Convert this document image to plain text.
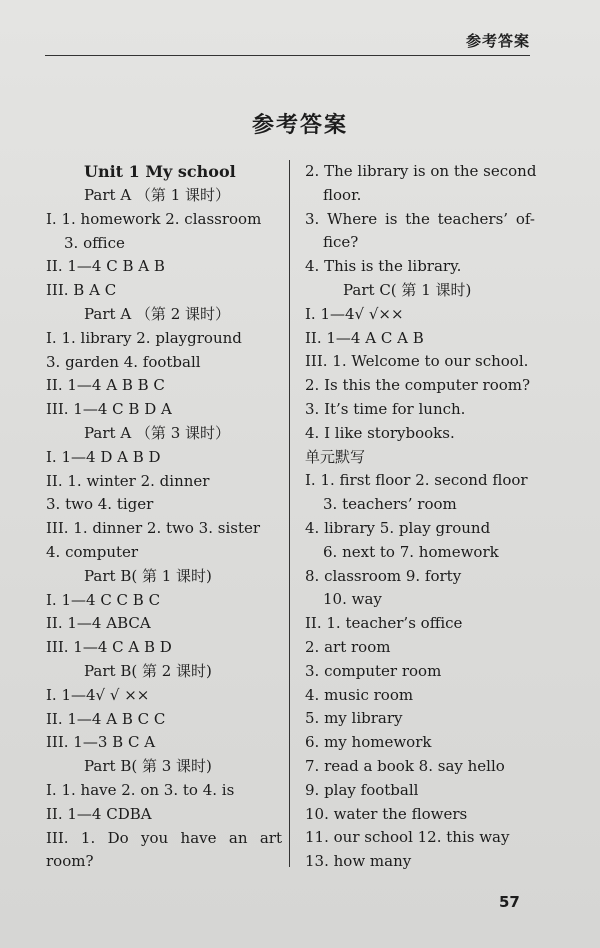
参考答案
参考答案
Unit 1 My school
Part A （第 1 课时）
I. 1. homework 2. classroom
3. office
II. 1—4 C B A B
III. B A C
Part A （第 2 课时）
I. 1. library 2. playground
3. garden 4. football
II. 1—4 A B B C
III. 1—4 C B D A
Part A （第 3 课时）
I. 1—4 D A B D
II. 1. winter 2. dinner
3. two 4. tiger
III. 1. dinner 2. two 3. sister
4. computer
Part B( 第 1 课时)
I. 1—4 C C B C
II. 1—4 ABCA
III. 1—4 C A B D
Part B( 第 2 课时)
I. 1—4√ √ ××
II. 1—4 A B C C
III. 1—3 B C A
Part B( 第 3 课时)
I. 1. have 2. on 3. to 4. is
II. 1—4 CDBA
III. 1. Do you have an art
room?
2. The library is on the second
floor.
3. Where is the teachers’ of-
fice?
4. This is the library.
Part C( 第 1 课时)
I. 1—4√ √××
II. 1—4 A C A B
III. 1. Welcome to our school.
2. Is this the computer room?
3. It’s time for lunch.
4. I like storybooks.
单元默写
I. 1. first floor 2. second floor
3. teachers’ room
4. library 5. play ground
6. next to 7. homework
8. classroom 9. forty
10. way
II. 1. teacher’s office
2. art room
3. computer room
4. music room
5. my library
6. my homework
7. read a book 8. say hello
9. play football
10. water the flowers
11. our school 12. this way
13. how many
57
